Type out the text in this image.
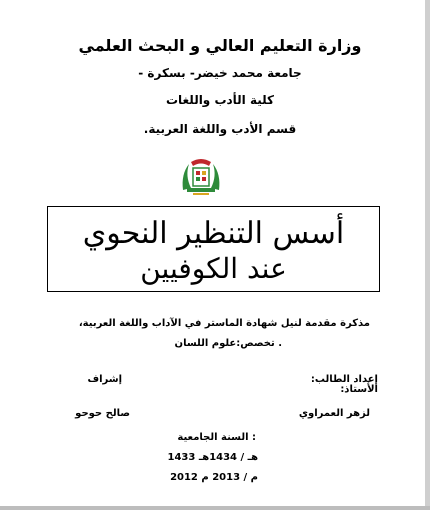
وزارة التعليم العالي و البحث العلمي
جامعة محمد خيضر- بسكرة -
كلية الأدب واللغات
قسم الأدب واللغة العربية.
أسس التنظير النحوي
عند الكوفيين
مذكرة مقدمة لنيل شهادة الماستر في الآداب واللغة العربية،
. تخصص:علوم اللسان
إعداد الطالب:
الأستاذ:
إشراف
لزهر العمراوي
صالح حوحو
: السنة الجامعية
هـ / 1434هـ 1433
م / 2013 م 2012
